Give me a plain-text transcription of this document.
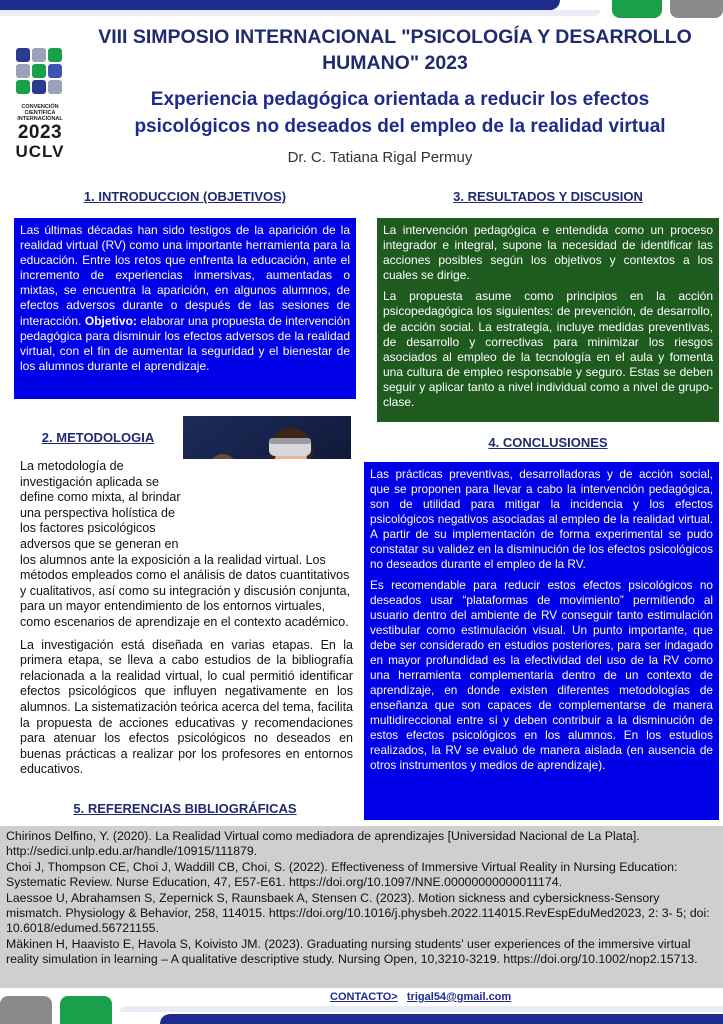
CONVENCIÓN
CIENTÍFICA
INTERNACIONAL
2023
UCLV
VIII SIMPOSIO INTERNACIONAL "PSICOLOGÍA Y DESARROLLO HUMANO" 2023
Experiencia pedagógica orientada a reducir los efectos psicológicos no deseados del empleo de la realidad virtual
Dr. C. Tatiana Rigal Permuy
1. INTRODUCCION (OBJETIVOS)
Las últimas décadas han sido testigos de la aparición de la realidad virtual (RV) como una importante herramienta para la educación. Entre los retos que enfrenta la educación, ante el incremento de experiencias inmersivas, aumentadas o mixtas, se encuentra la aparición, en algunos alumnos, de efectos adversos durante o después de las sesiones de interacción. Objetivo: elaborar una propuesta de intervención pedagógica para disminuir los efectos adversos de la realidad virtual, con el fin de aumentar la seguridad y el bienestar de los alumnos durante el aprendizaje.
3. RESULTADOS Y DISCUSION

La intervención pedagógica e entendida como un proceso integrador e integral, supone la necesidad de identificar las acciones posibles según los objetivos y contextos a los cuales se dirige.

La propuesta asume como principios en la acción psicopedagógica los siguientes: de prevención, de desarrollo, de acción social. La estrategia, incluye medidas preventivas, de desarrollo y correctivas para minimizar los riesgos asociados al empleo de la tecnología en el aula y fomenta una cultura de empleo responsable y seguro. Estas se deben seguir y aplicar tanto a nivel individual como a nivel de grupo-clase.

2. METODOLOGIA

La metodología de investigación aplicada se define como mixta, al brindar una perspectiva holística de los factores psicológicos adversos que se generan en los alumnos ante la exposición a la realidad virtual. Los métodos empleados como el análisis de datos cuantitativos y cualitativos, así como su integración y discusión conjunta, para un mayor entendimiento de los entornos virtuales, como escenarios de aprendizaje en el contexto académico.

La investigación está diseñada en varias etapas. En la primera etapa, se lleva a cabo estudios de la bibliografía relacionada a la realidad virtual, lo cual permitió identificar efectos psicológicos que influyen negativamente en los alumnos. La sistematización teórica acerca del tema, facilita la propuesta de acciones educativas y recomendaciones para atenuar los efectos psicológicos no deseados en buenas prácticas a realizar por los profesores en entornos educativos.

4. CONCLUSIONES

Las prácticas preventivas, desarrolladoras y de acción social, que se proponen para llevar a cabo la intervención pedagógica, son de utilidad para mitigar la incidencia y los efectos psicológicos negativos asociadas al empleo de la realidad virtual. A partir de su implementación de forma experimental se pudo constatar su validez en la disminución de los efectos psicológicos no deseados durante el empleo de la RV.

Es recomendable para reducir estos efectos psicológicos no deseados usar “plataformas de movimiento” permitiendo al usuario dentro del ambiente de RV conseguir tanto estimulación vestibular como estimulación visual. Un punto importante, que debe ser considerado en estudios posteriores, para ser indagado en mayor profundidad es la efectividad del uso de la RV como una herramienta complementaria dentro de un contexto de aprendizaje, en donde existen diferentes metodologías de enseñanza que son capaces de complementarse de manera multidireccional entre sí y deben contribuir a la disminución de estos efectos psicológicos en los alumnos. En los estudios realizados, la RV se evaluó de manera aislada (en ausencia de otros instrumentos y medios de aprendizaje).

5. REFERENCIAS BIBLIOGRÁFICAS
Chirinos Delfino, Y. (2020). La Realidad Virtual como mediadora de aprendizajes [Universidad Nacional de La Plata]. http://sedici.unlp.edu.ar/handle/10915/111879.
Choi J, Thompson CE, Choi J, Waddill CB, Choi, S. (2022). Effectiveness of Immersive Virtual Reality in Nursing Education: Systematic Review. Nurse Education, 47, E57-E61. https://doi.org/10.1097/NNE.00000000000011174.
Laessoe U, Abrahamsen S, Zepernick S, Raunsbaek A, Stensen C. (2023). Motion sickness and cybersickness-Sensory mismatch. Physiology & Behavior, 258, 114015. https://doi.org/10.1016/j.physbeh.2022.114015.RevEspEduMed2023, 2: 3- 5; doi: 10.6018/edumed.56721155.
Mäkinen H, Haavisto E, Havola S, Koivisto JM. (2023). Graduating nursing students' user experiences of the immersive virtual reality simulation in learning – A qualitative descriptive study. Nursing Open, 10,3210-3219. https://doi.org/10.1002/nop2.15713.
CONTACTO> trigal54@gmail.com
